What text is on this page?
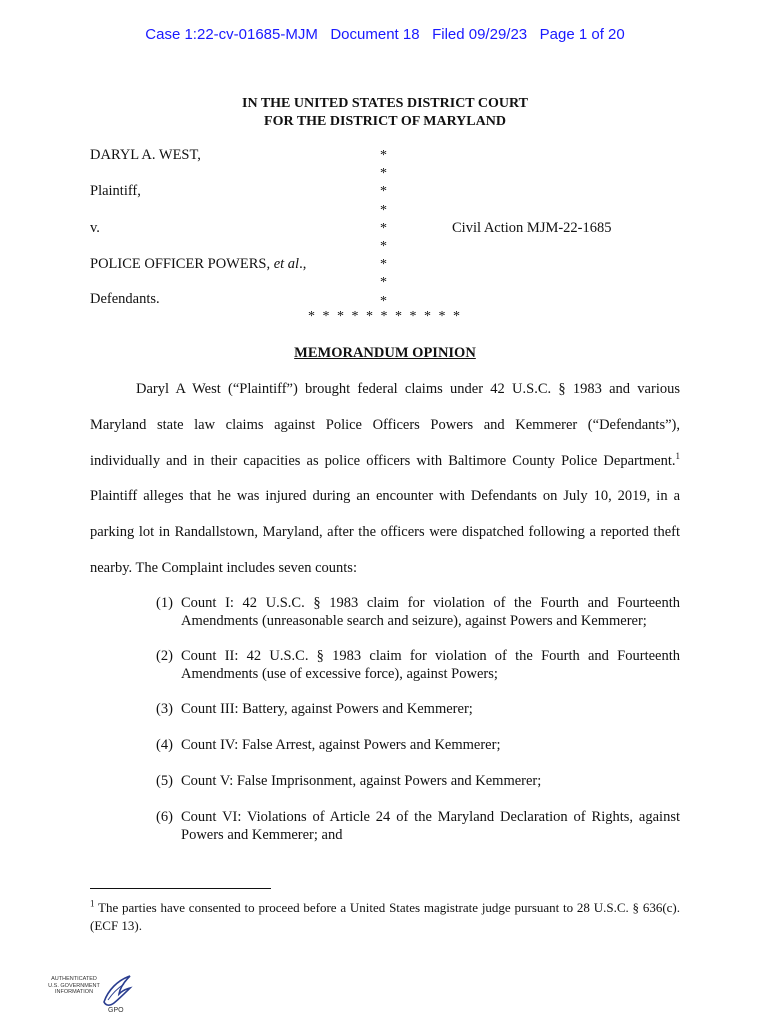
Case 1:22-cv-01685-MJM   Document 18   Filed 09/29/23   Page 1 of 20
IN THE UNITED STATES DISTRICT COURT
FOR THE DISTRICT OF MARYLAND
DARYL A. WEST,
Plaintiff,
v.
POLICE OFFICER POWERS, et al.,
Defendants.
*
*
*
*
*
*
*
*
*
Civil Action MJM-22-1685
* * * * * * * * * * *
MEMORANDUM OPINION

Daryl A West (“Plaintiff”) brought federal claims under 42 U.S.C. § 1983 and various Maryland state law claims against Police Officers Powers and Kemmerer (“Defendants”), individually and in their capacities as police officers with Baltimore County Police Department.$^1$ Plaintiff alleges that he was injured during an encounter with Defendants on July 10, 2019, in a parking lot in Randallstown, Maryland, after the officers were dispatched following a reported theft nearby. The Complaint includes seven counts:

(1) Count I: 42 U.S.C. § 1983 claim for violation of the Fourth and Fourteenth Amendments (unreasonable search and seizure), against Powers and Kemmerer;
(2) Count II: 42 U.S.C. § 1983 claim for violation of the Fourth and Fourteenth Amendments (use of excessive force), against Powers;
(3) Count III: Battery, against Powers and Kemmerer;
(4) Count IV: False Arrest, against Powers and Kemmerer;
(5) Count V: False Imprisonment, against Powers and Kemmerer;
(6) Count VI: Violations of Article 24 of the Maryland Declaration of Rights, against Powers and Kemmerer; and
$^1$ The parties have consented to proceed before a United States magistrate judge pursuant to 28 U.S.C. § 636(c). (ECF 13).
AUTHENTICATED
U.S. GOVERNMENT
INFORMATION
GPO
